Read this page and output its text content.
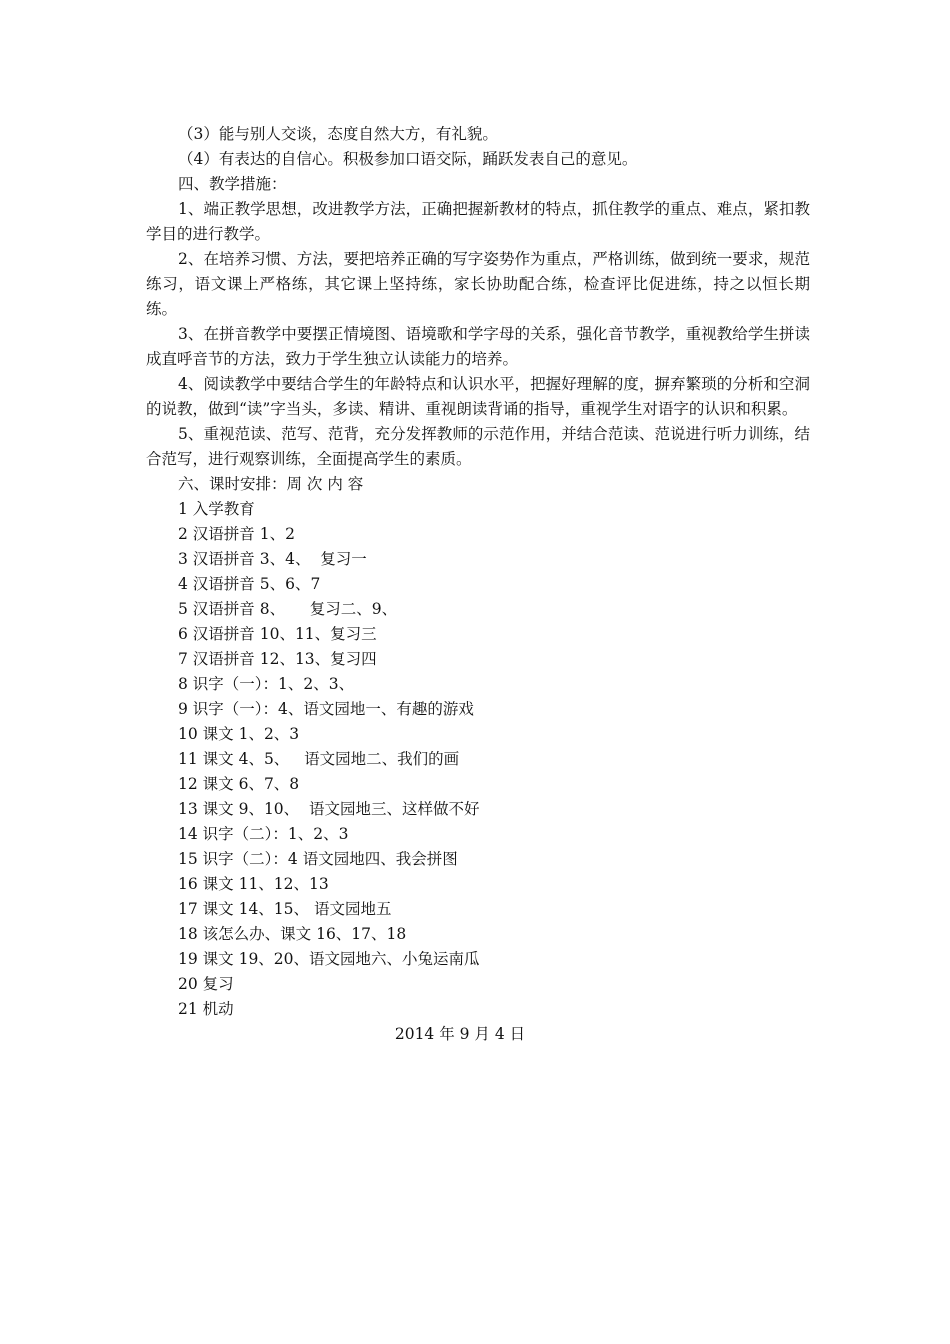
（3）能与别人交谈，态度自然大方，有礼貌。

（4）有表达的自信心。积极参加口语交际，踊跃发表自己的意见。

四、教学措施：

1、端正教学思想，改进教学方法，正确把握新教材的特点，抓住教学的重点、难点，紧扣教学目的进行教学。

2、在培养习惯、方法，要把培养正确的写字姿势作为重点，严格训练，做到统一要求，规范练习，语文课上严格练，其它课上坚持练，家长协助配合练，检查评比促进练，持之以恒长期练。

3、在拼音教学中要摆正情境图、语境歌和学字母的关系，强化音节教学，重视教给学生拼读成直呼音节的方法，致力于学生独立认读能力的培养。

4、阅读教学中要结合学生的年龄特点和认识水平，把握好理解的度，摒弃繁琐的分析和空洞的说教，做到“读”字当头，多读、精讲、重视朗读背诵的指导，重视学生对语字的认识和积累。

5、重视范读、范写、范背，充分发挥教师的示范作用，并结合范读、范说进行听力训练，结合范写，进行观察训练，全面提高学生的素质。

六、课时安排：周 次 内 容

1 入学教育
2 汉语拼音 1、2
3 汉语拼音 3、4、  复习一
4 汉语拼音 5、6、7
5 汉语拼音 8、     复习二、9、
6 汉语拼音 10、11、复习三
7 汉语拼音 12、13、复习四
8 识字（一）：1、2、3、
9 识字（一）：4、语文园地一、有趣的游戏
10 课文 1、2、3
11 课文 4、5、   语文园地二、我们的画
12 课文 6、7、8
13 课文 9、10、  语文园地三、这样做不好
14 识字（二）：1、2、3
15 识字（二）：4 语文园地四、我会拼图
16 课文 11、12、13
17 课文 14、15、 语文园地五
18 该怎么办、课文 16、17、18
19 课文 19、20、语文园地六、小兔运南瓜
20 复习
21 机动

2014 年 9 月 4 日
